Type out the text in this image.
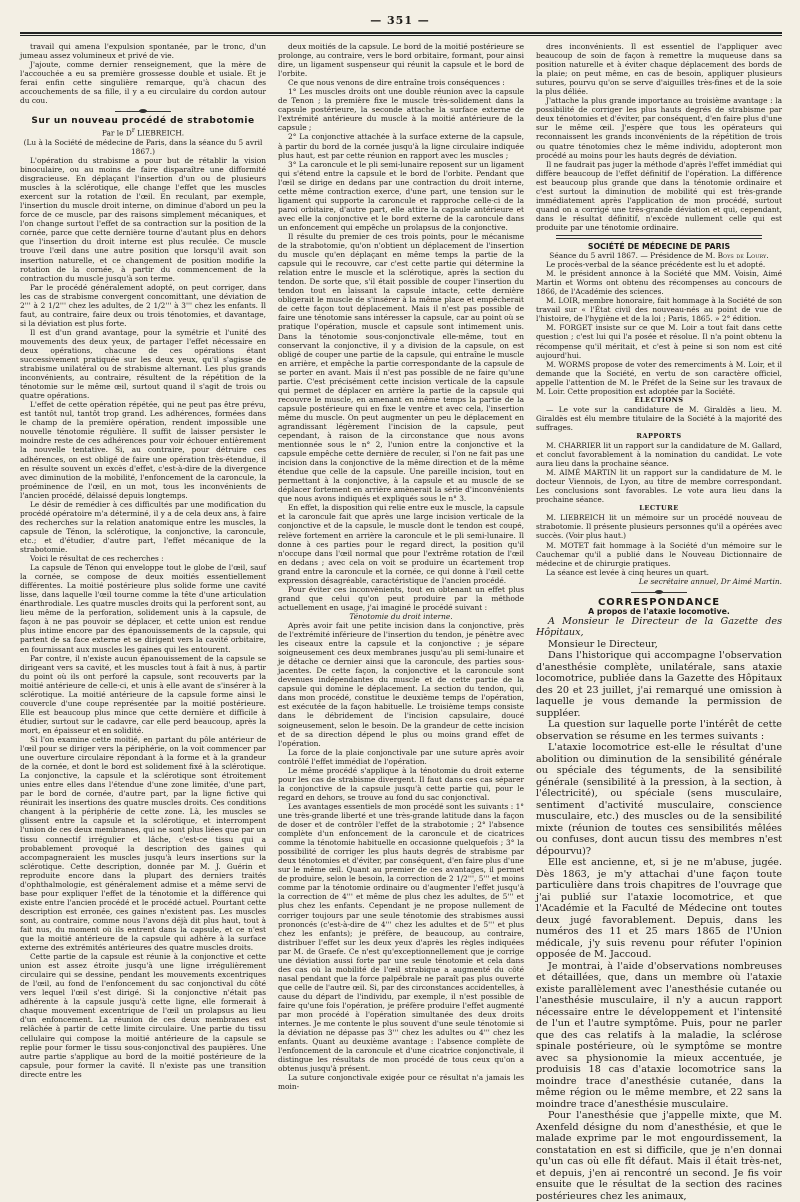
— 351 —

travail qui amena l'expulsion spontanée, par le tronc, d'un jumeau assez volumineux et privé de vie.

J'ajoute, comme dernier renseignement, que la mère de l'accouchée a eu sa première grossesse double et usiale. Et je ferai enfin cette singulière remarque, qu'à chacun des accouchements de sa fille, il y a eu circulaire du cordon autour du cou.

Sur un nouveau procédé de strabotomie

Par le $D^r$ LIEBREICH.

(Lu à la Société de médecine de Paris, dans la séance du 5 avril 1867.)

L'opération du strabisme a pour but de rétablir la vision binoculaire, ou au moins de faire disparaître une difformité disgracieuse. En déplaçant l'insertion d'un ou de plusieurs muscles à la sclérotique, elle change l'effet que les muscles exercent sur la rotation de l'œil. En reculant, par exemple, l'insertion du muscle droit interne, on diminue d'abord un peu la force de ce muscle, par des raisons simplement mécaniques, et l'on change surtout l'effet de sa contraction sur la position de la cornée, parce que cette dernière tourne d'autant plus en dehors que l'insertion du droit interne est plus reculée. Ce muscle trouve l'œil dans une autre position que lorsqu'il avait son insertion naturelle, et ce changement de position modifie la rotation de la cornée, à partir du commencement de la contraction du muscle jusqu'à son terme.

Par le procédé généralement adopté, on peut corriger, dans les cas de strabisme convergent concomittant, une déviation de 2''' à 2 1/2''' chez les adultes, de 2 1/2''' à 3''' chez les enfants. Il faut, au contraire, faire deux ou trois ténotomies, et davantage, si la déviation est plus forte.

Il est d'un grand avantage, pour la symétrie et l'unité des mouvements des deux yeux, de partager l'effet nécessaire en deux opérations, chacune de ces opérations étant successivement pratiquée sur les deux yeux, qu'il s'agisse de strabisme unilatéral ou de strabisme alternant. Les plus grands inconvénients, au contraire, résultent de la répétition de la ténotomie sur le même œil, surtout quand il s'agit de trois ou quatre opérations.

L'effet de cette opération répétée, qui ne peut pas être prévu, est tantôt nul, tantôt trop grand. Les adhérences, formées dans le champ de la première opération, rendent impossible une nouvelle ténotomie régulière. Il suffit de laisser persister le moindre reste de ces adhérences pour voir échouer entièrement la nouvelle tentative. Si, au contraire, pour détruire ces adhérences, on est obligé de faire une opération très-étendue, il en résulte souvent un excès d'effet, c'est-à-dire de la divergence avec diminution de la mobilité, l'enfoncement de la caroncule, la proéminence de l'œil, en un mot, tous les inconvénients de l'ancien procédé, délaissé depuis longtemps.

Le désir de remédier à ces difficultés par une modification du procédé opératoire m'a déterminé, il y a de cela deux ans, à faire des recherches sur la relation anatomique entre les muscles, la capsule de Ténon, la sclérotique, la conjonctive, la caroncule, etc.; et d'étudier, d'autre part, l'effet mécanique de la strabotomie.

Voici le résultat de ces recherches :

La capsule de Ténon qui enveloppe tout le globe de l'œil, sauf la cornée, se compose de deux moitiés essentiellement différentes. La moitié postérieure plus solide forme une cavité lisse, dans laquelle l'œil tourne comme la tête d'une articulation énarthrodiale. Les quatre muscles droits qui la perforent sont, au lieu même de la perforation, solidement unis à la capsule, de façon à ne pas pouvoir se déplacer, et cette union est rendue plus intime encore par des épanouissements de la capsule, qui partent de sa face externe et se dirigent vers la cavité orbitaire, en fournissant aux muscles les gaines qui les entourent.

Par contre, il n'existe aucun épanouissement de la capsule se dirigeant vers sa cavité, et les muscles tout à fait à nus, à partir du point où ils ont perforé la capsule, sont recouverts par la moitié antérieure de celle-ci, et unis à elle avant de s'insérer à la sclérotique. La moitié antérieure de la capsule forme ainsi le couvercle d'une coupe représentée par la moitié postérieure. Elle est beaucoup plus mince que cette dernière et difficile à étudier, surtout sur le cadavre, car elle perd beaucoup, après la mort, en épaisseur et en solidité.

Si l'on examine cette moitié, en partant du pôle antérieur de l'œil pour se diriger vers la périphérie, on la voit commencer par une ouverture circulaire répondant à la forme et à la grandeur de la cornée, et dont le bord est solidement fixé à la sclérotique. La conjonctive, la capsule et la sclérotique sont étroitement unies entre elles dans l'étendue d'une zone limitée, d'une part, par le bord de cornée, d'autre part, par la ligne fictive qui réunirait les insertions des quatre muscles droits. Ces conditions changent à la périphérie de cette zone. Là, les muscles se glissent entre la capsule et la sclérotique, et interrompent l'union de ces deux membranes, qui ne sont plus liées que par un tissu connectif irrégulier et lâche, c'est-ce tissu qui a probablement provoqué la description des gaines qui accompagneraient les muscles jusqu'à leurs insertions sur la sclérotique. Cette description, donnée par M. J. Guérin et reproduite encore dans la plupart des derniers traités d'ophthalmologie, est généralement admise et a même servi de base pour expliquer l'effet de la ténotomie et la différence qui existe entre l'ancien procédé et le procédé actuel. Pourtant cette description est erronée, ces gaines n'existent pas. Les muscles sont, au contraire, comme nous l'avons déjà dit plus haut, tout à fait nus, du moment où ils entrent dans la capsule, et ce n'est que la moitié antérieure de la capsule qui adhère à la surface externe des extrémités antérieures des quatre muscles droits.

Cette partie de la capsule est réunie à la conjonctive et cette union est assez étroite jusqu'à une ligne irrégulièrement circulaire qui se dessine, pendant les mouvements excentriques de l'œil, au fond de l'enfoncement du sac conjonctival du côté vers lequel l'œil s'est dirigé. Si la conjonctive n'était pas adhérente à la capsule jusqu'à cette ligne, elle formerait à chaque mouvement excentrique de l'œil un prolapsus au lieu d'un enfoncement. La réunion de ces deux membranes est relâchée à partir de cette limite circulaire. Une partie du tissu cellulaire qui compose la moitié antérieure de la capsule se replie pour former le tissu sous-conjonctival des paupières. Une autre partie s'applique au bord de la moitié postérieure de la capsule, pour former la cavité. Il n'existe pas une transition directe entre les

deux moitiés de la capsule. Le bord de la moitié postérieure se prolonge, au contraire, vers le bord orbitaire, formant, pour ainsi dire, un ligament suspenseur qui réunit la capsule et le bord de l'orbite.

Ce que nous venons de dire entraîne trois conséquences :

1° Les muscles droits ont une double réunion avec la capsule de Tenon ; la première fixe le muscle très-solidement dans la capsule postérieure, la seconde attache la surface externe de l'extrémité antérieure du muscle à la moitié antérieure de la capsule ;

2° La conjonctive attachée à la surface externe de la capsule, à partir du bord de la cornée jusqu'à la ligne circulaire indiquée plus haut, est par cette réunion en rapport avec les muscles ;

3° La caroncule et le pli semi-lunaire reposent sur un ligament qui s'étend entre la capsule et le bord de l'orbite. Pendant que l'œil se dirige en dedans par une contraction du droit interne, cette même contraction exerce, d'une part, une tension sur le ligament qui supporte la caroncule et rapproche celle-ci de la paroi orbitaire, d'autre part, elle attire la capsule antérieure et avec elle la conjonctive et le bord externe de la caroncule dans un enfoncement qui empêche un prolapsus de la conjonctive.

Il résulte du premier de ces trois points, pour le mécanisme de la strabotomie, qu'on n'obtient un déplacement de l'insertion du muscle qu'en déplaçant en même temps la partie de la capsule qui le recouvre, car c'est cette partie qui détermine la relation entre le muscle et la sclérotique, après la section du tendon. De sorte que, s'il était possible de couper l'insertion du tendon tout en laissant la capsule intacte, cette dernière obligerait le muscle de s'insérer à la même place et empêcherait de cette façon tout déplacement. Mais il n'est pas possible de faire une ténotomie sans intéresser la capsule, car au point où se pratique l'opération, muscle et capsule sont intimement unis. Dans la ténotomie sous-conjonctivale elle-même, tout en conservant la conjonctive, il y a division de la capsule, on est obligé de couper une partie de la capsule, qui entraîne le muscle en arrière, et empêche la partie correspondante de la capsule de se porter en avant. Mais il n'est pas possible de ne faire qu'une partie. C'est précisément cette incision verticale de la capsule qui permet de déplacer en arrière la partie de la capsule qui recouvre le muscle, en amenant en même temps la partie de la capsule postérieure qui en fixe le ventre et avec cela, l'insertion même du muscle. On peut augmenter un peu le déplacement en agrandissant légèrement l'incision de la capsule, peut cependant, à raison de la circonstance que nous avons mentionnée sous le n° 2, l'union entre la conjonctive et la capsule empêche cette dernière de reculer, si l'on ne fait pas une incision dans la conjonctive de la même direction et de la même étendue que celle de la capsule. Une pareille incision, tout en permettant à la conjonctive, à la capsule et au muscle de se déplacer fortement en arrière amènerait la série d'inconvénients que nous avons indiqués et expliqués sous le n° 3.

En effet, la disposition qui relie entre eux le muscle, la capsule et la caroncule fait que après une large incision verticale de la conjonctive et de la capsule, le muscle dont le tendon est coupé, relève fortement en arrière la caroncule et le pli semi-lunaire. Il donne à ces parties pour le regard direct, la position qu'il n'occupe dans l'œil normal que pour l'extrême rotation de l'œil en dedans ; avec cela on voit se produire un écartement trop grand entre la caroncule et la cornée, ce qui donne à l'œil cette expression désagréable, caractéristique de l'ancien procédé.

Pour éviter ces inconvénients, tout en obtenant un effet plus grand que celui qu'on peut produire par la méthode actuellement en usage, j'ai imaginé le procédé suivant :

Ténotomie du droit interne.

Après avoir fait une petite incision dans la conjonctive, près de l'extrémité inférieure de l'insertion du tendon, je pénètre avec les ciseaux entre la capsule et la conjonctive ; je sépare soigneusement ces deux membranes jusqu'au pli semi-lunaire et je détache ce dernier ainsi que la caroncule, des parties sous-jacentes. De cette façon, la conjonctive et la caroncule sont devenues indépendantes du muscle et de cette partie de la capsule qui domine le déplacement. La section du tendon, qui, dans mon procédé, constitue le deuxième temps de l'opération, est exécutée de la façon habituelle. Le troisième temps consiste dans le débridement de l'incision capsulaire, doucé soigneusement, selon le besoin. De la grandeur de cette incision et de sa direction dépend le plus ou moins grand effet de l'opération.

La force de la plaie conjonctivale par une suture après avoir contrôlé l'effet immédiat de l'opération.

Le même procédé s'applique à la ténotomie du droit externe pour les cas de strabisme divergent. Il faut dans ces cas séparer la conjonctive de la capsule jusqu'à cette partie qui, pour le regard en dehors, se trouve au fond du sac conjonctival.

Les avantages essentiels de mon procédé sont les suivants : 1° une très-grande liberté et une très-grande latitude dans la façon de doser et de contrôler l'effet de la strabotomie ; 2° l'absence complète d'un enfoncement de la caroncule et de cicatrices comme la ténotomie habituelle en occasionne quelquefois ; 3° la possibilité de corriger les plus hauts degrés de strabisme par deux ténotomies et d'éviter, par conséquent, d'en faire plus d'une sur le même œil. Quant au premier de ces avantages, il permet de produire, selon le besoin, la correction de 2 1/2''', 5''' et moins comme par la ténotomie ordinaire ou d'augmenter l'effet jusqu'à la correction de 4''' et même de plus chez les adultes, de 5''' et plus chez les enfants. Cependant je ne propose nullement de corriger toujours par une seule ténotomie des strabismes aussi prononcés (c'est-à-dire de 4''' chez les adultes et de 5''' et plus chez les enfants); je préfère, de beaucoup, au contraire, distribuer l'effet sur les deux yeux d'après les règles indiquées par M. de Graefe. Ce n'est qu'exceptionnellement que je corrige une déviation aussi forte par une seule ténotomie et cela dans des cas où la mobilité de l'œil strabique a augmenté du côté nasal pendant que la force palpébrale ne paraît pas plus ouverte que celle de l'autre œil. Si, par des circonstances accidentelles, à cause du départ de l'individu, par exemple, il n'est possible de faire qu'une fois l'opération, je préfère produire l'effet augmenté par mon procédé à l'opération simultanée des deux droits internes. Je me contente le plus souvent d'une seule ténotomie si la déviation ne dépasse pas 3''' chez les adultes ou 4''' chez les enfants. Quant au deuxième avantage : l'absence complète de l'enfoncement de la caroncule et d'une cicatrice conjonctivale, il distingue les résultats de mon procédé de tous ceux qu'on a obtenus jusqu'à présent.

La suture conjonctivale exigée pour ce résultat n'a jamais les moin-

dres inconvénients. Il est essentiel de l'appliquer avec beaucoup de soin de façon à remettre la muqueuse dans sa position naturelle et à éviter chaque déplacement des bords de la plaie; on peut même, en cas de besoin, appliquer plusieurs sutures, pourvu qu'on se serve d'aiguilles très-fines et de la soie la plus déliée.

J'attache la plus grande importance au troisième avantage : la possibilité de corriger les plus hauts degrés de strabisme par deux ténotomies et d'éviter, par conséquent, d'en faire plus d'une sur le même œil. J'espère que tous les opérateurs qui reconnaissent les grands inconvénients de la répétition de trois ou quatre ténotomies chez le même individu, adopteront mon procédé au moins pour les hauts degrés de déviation.

Il ne faudrait pas juger la méthode d'après l'effet immédiat qui diffère beaucoup de l'effet définitif de l'opération. La différence est beaucoup plus grande que dans la ténotomie ordinaire et c'est surtout la diminution de mobilité qui est très-grande immédiatement après l'application de mon procédé, surtout quand on a corrigé une très-grande déviation et qui, cependant, dans le résultat définitif, n'excède nullement celle qui est produite par une ténotomie ordinaire.

SOCIÉTÉ DE MÉDECINE DE PARIS

Séance du 5 avril 1867. — Présidence de M. Boys de Loury.

Le procès-verbal de la séance précédente est lu et adopté.

M. le président annonce à la Société que MM. Voisin, Aimé Martin et Worms ont obtenu des récompenses au concours de 1866, de l'Académie des sciences.

M. LOIR, membre honoraire, fait hommage à la Société de son travail sur « l'État civil des nouveau-nés au point de vue de l'histoire, de l'hygiène et de la loi ; Paris, 1865. » 2° édition.

M. FORGET insiste sur ce que M. Loir a tout fait dans cette question ; c'est lui qui l'a posée et résolue. Il n'a point obtenu la récompense qu'il méritait, et c'est à peine si son nom est cité aujourd'hui.

M. WORMS propose de voter des remerciments à M. Loir, et il demande que la Société, en vertu de son caractère officiel, appelle l'attention de M. le Préfet de la Seine sur les travaux de M. Loir. Cette proposition est adoptée par la Société.

ÉLECTIONS

— Le vote sur la candidature de M. Giraldès a lieu. M. Giraldès est élu membre titulaire de la Société à la majorité des suffrages.

RAPPORTS

M. CHARRIER lit un rapport sur la candidature de M. Gallard, et conclut favorablement à la nomination du candidat. Le vote aura lieu dans la prochaine séance.

M. AIMÉ MARTIN lit un rapport sur la candidature de M. le docteur Viennois, de Lyon, au titre de membre correspondant. Les conclusions sont favorables. Le vote aura lieu dans la prochaine séance.

LECTURE

M. LIEBREICH lit un mémoire sur un procédé nouveau de strabotomie. Il présente plusieurs personnes qu'il a opérées avec succès. (Voir plus haut.)

M. MOTET fait hommage à la Société d'un mémoire sur le Cauchemar qu'il a publié dans le Nouveau Dictionnaire de médecine et de chirurgie pratiques.

La séance est levée à cinq heures un quart.

Le secrétaire annuel, Dr Aimé Martin.

CORRESPONDANCE

A propos de l'ataxie locomotive.

A Monsieur le Directeur de la Gazette des Hôpitaux,

Monsieur le Directeur,

Dans l'historique qui accompagne l'observation d'anesthésie complète, unilatérale, sans ataxie locomotrice, publiée dans la Gazette des Hôpitaux des 20 et 23 juillet, j'ai remarqué une omission à laquelle je vous demande la permission de suppléer.

La question sur laquelle porte l'intérêt de cette observation se résume en les termes suivants :

L'ataxie locomotrice est-elle le résultat d'une abolition ou diminution de la sensibilité générale ou spéciale des téguments, de la sensibilité générale (sensibilité à la pression, à la section, à l'électricité), ou spéciale (sens musculaire, sentiment d'activité musculaire, conscience musculaire, etc.) des muscles ou de la sensibilité mixte (réunion de toutes ces sensibilités mêlées ou confuses, dont aucun tissu des membres n'est dépourvu)?

Elle est ancienne, et, si je ne m'abuse, jugée. Dès 1863, je m'y attachai d'une façon toute particulière dans trois chapitres de l'ouvrage que j'ai publié sur l'ataxie locomotrice, et que l'Académie et la Faculté de Médecine ont toutes deux jugé favorablement. Depuis, dans les numéros des 11 et 25 mars 1865 de l'Union médicale, j'y suis revenu pour réfuter l'opinion opposée de M. Jaccoud.

Je montrai, à l'aide d'observations nombreuses et détaillées, que, dans un membre où l'ataxie existe parallèlement avec l'anesthésie cutanée ou l'anesthésie musculaire, il n'y a aucun rapport nécessaire entre le développement et l'intensité de l'un et l'autre symptôme. Puis, pour ne parler que des cas relatifs à la maladie, la sclérose spinale postérieure, où le symptôme se montre avec sa physionomie la mieux accentuée, je produisis 18 cas d'ataxie locomotrice sans la moindre trace d'anesthésie cutanée, dans la même région ou le même membre, et 22 sans la moindre trace d'anesthésie musculaire.

Pour l'anesthésie que j'appelle mixte, que M. Axenfeld désigne du nom d'anesthésie, et que le malade exprime par le mot engourdissement, la constatation en est si difficile, que je n'en donnai qu'un cas où elle fît défaut. Mais il était très-net, et depuis, j'en ai rencontré un second. Je fis voir ensuite que le résultat de la section des racines postérieures chez les animaux,
